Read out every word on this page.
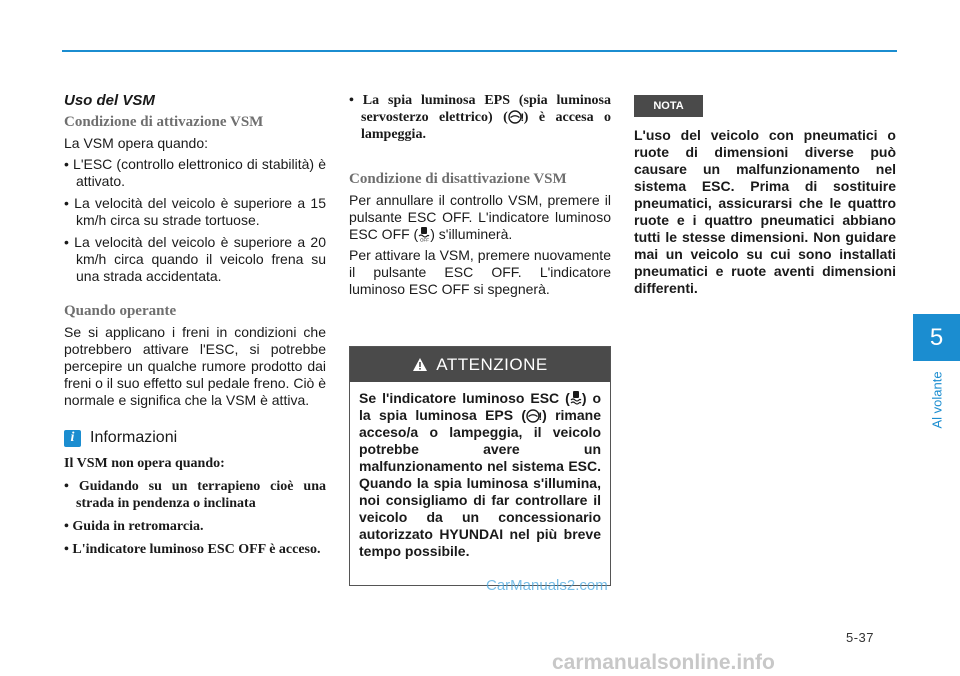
Uso del VSM
Condizione di attivazione VSM
La VSM opera quando:
• L'ESC (controllo elettronico di stabilità) è attivato.
• La velocità del veicolo è superiore a 15 km/h circa su strade tortuose.
• La velocità del veicolo è superiore a 20 km/h circa quando il veicolo frena su una strada accidentata.
Quando operante
Se si applicano i freni in condizioni che potrebbero attivare l'ESC, si potrebbe percepire un qualche rumore prodotto dai freni o il suo effetto sul pedale freno. Ciò è normale e significa che la VSM è attiva.
i Informazioni
Il VSM non opera quando:
• Guidando su un terrapieno cioè una strada in pendenza o inclinata
• Guida in retromarcia.
• L'indicatore luminoso ESC OFF è acceso.
• La spia luminosa EPS (spia luminosa servosterzo elettrico) ( ! ) è accesa o lampeggia.
Condizione di disattivazione VSM
Per annullare il controllo VSM, premere il pulsante ESC OFF. L'indicatore luminoso ESC OFF ( OFF ) s'illuminerà.
Per attivare la VSM, premere nuovamente il pulsante ESC OFF. L'indicatore luminoso ESC OFF si spegnerà.
ATTENZIONE
Se l'indicatore luminoso ESC ( ) o la spia luminosa EPS ( ! ) rimane acceso/a o lampeggia, il veicolo potrebbe avere un malfunzionamento nel sistema ESC. Quando la spia luminosa s'illumina, noi consigliamo di far controllare il veicolo da un concessionario autorizzato HYUNDAI nel più breve tempo possibile.
NOTA

L'uso del veicolo con pneumatici o ruote di dimensioni diverse può causare un malfunzionamento nel sistema ESC. Prima di sostituire pneumatici, assicurarsi che le quattro ruote e i quattro pneumatici abbiano tutti le stesse dimensioni. Non guidare mai un veicolo su cui sono installati pneumatici e ruote aventi dimensioni differenti.

5
Al volante
5-37
CarManuals2.com
carmanualsonline.info
